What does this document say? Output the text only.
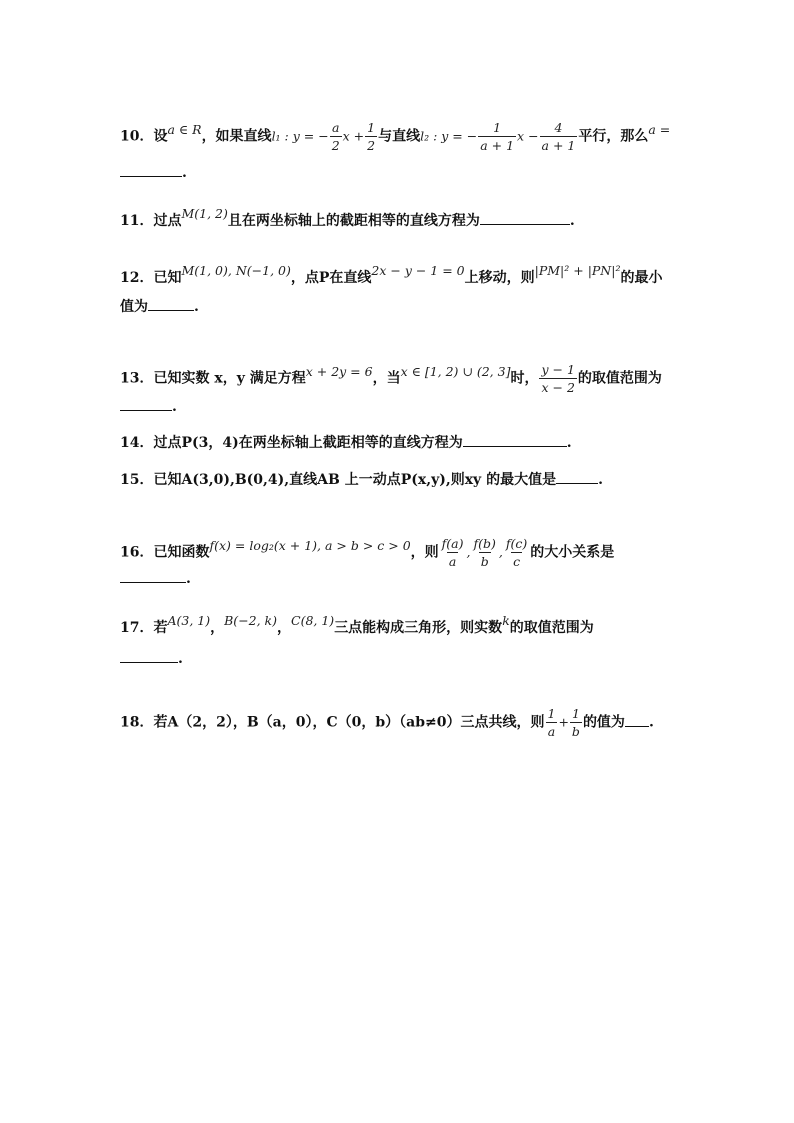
10．设a ∈ R，如果直线l₁ : y = − $\frac{a}{2}$ $x + \frac{1}{2}$ 与直线l₂ : y = − $\frac{1}{a + 1}$ $x - \frac{4}{a + 1}$ 平行，那么a =
.
11．过点M(1, 2)且在两坐标轴上的截距相等的直线方程为	.
12．已知M(1, 0), N(−1, 0)，点P在直线2x − y − 1 = 0上移动，则|PM|² + |PN|²的最小
值为	.
13．已知实数 x，y 满足方程x + 2y = 6，当x ∈ [1, 2) ∪ (2, 3]时， $\frac{y - 1}{x - 2}$ 的取值范围为
.
14．过点P(3，4)在两坐标轴上截距相等的直线方程为	.
15．已知A(3,0),B(0,4),直线AB 上一动点P(x,y),则xy 的最大值是	.
16．已知函数f(x) = log₂(x + 1), a > b > c > 0，则 $\frac{f(a)}{a}$ , $\frac{f(b)}{b}$ , $\frac{f(c)}{c}$ 的大小关系是
.
17．若A(3, 1)，B(−2, k)，C(8, 1)三点能构成三角形，则实数k的取值范围为
.
18．若A（2，2），B（a，0），C（0，b）（ab≠0）三点共线，则 $\frac{1}{a} + \frac{1}{b}$ 的值为 .
